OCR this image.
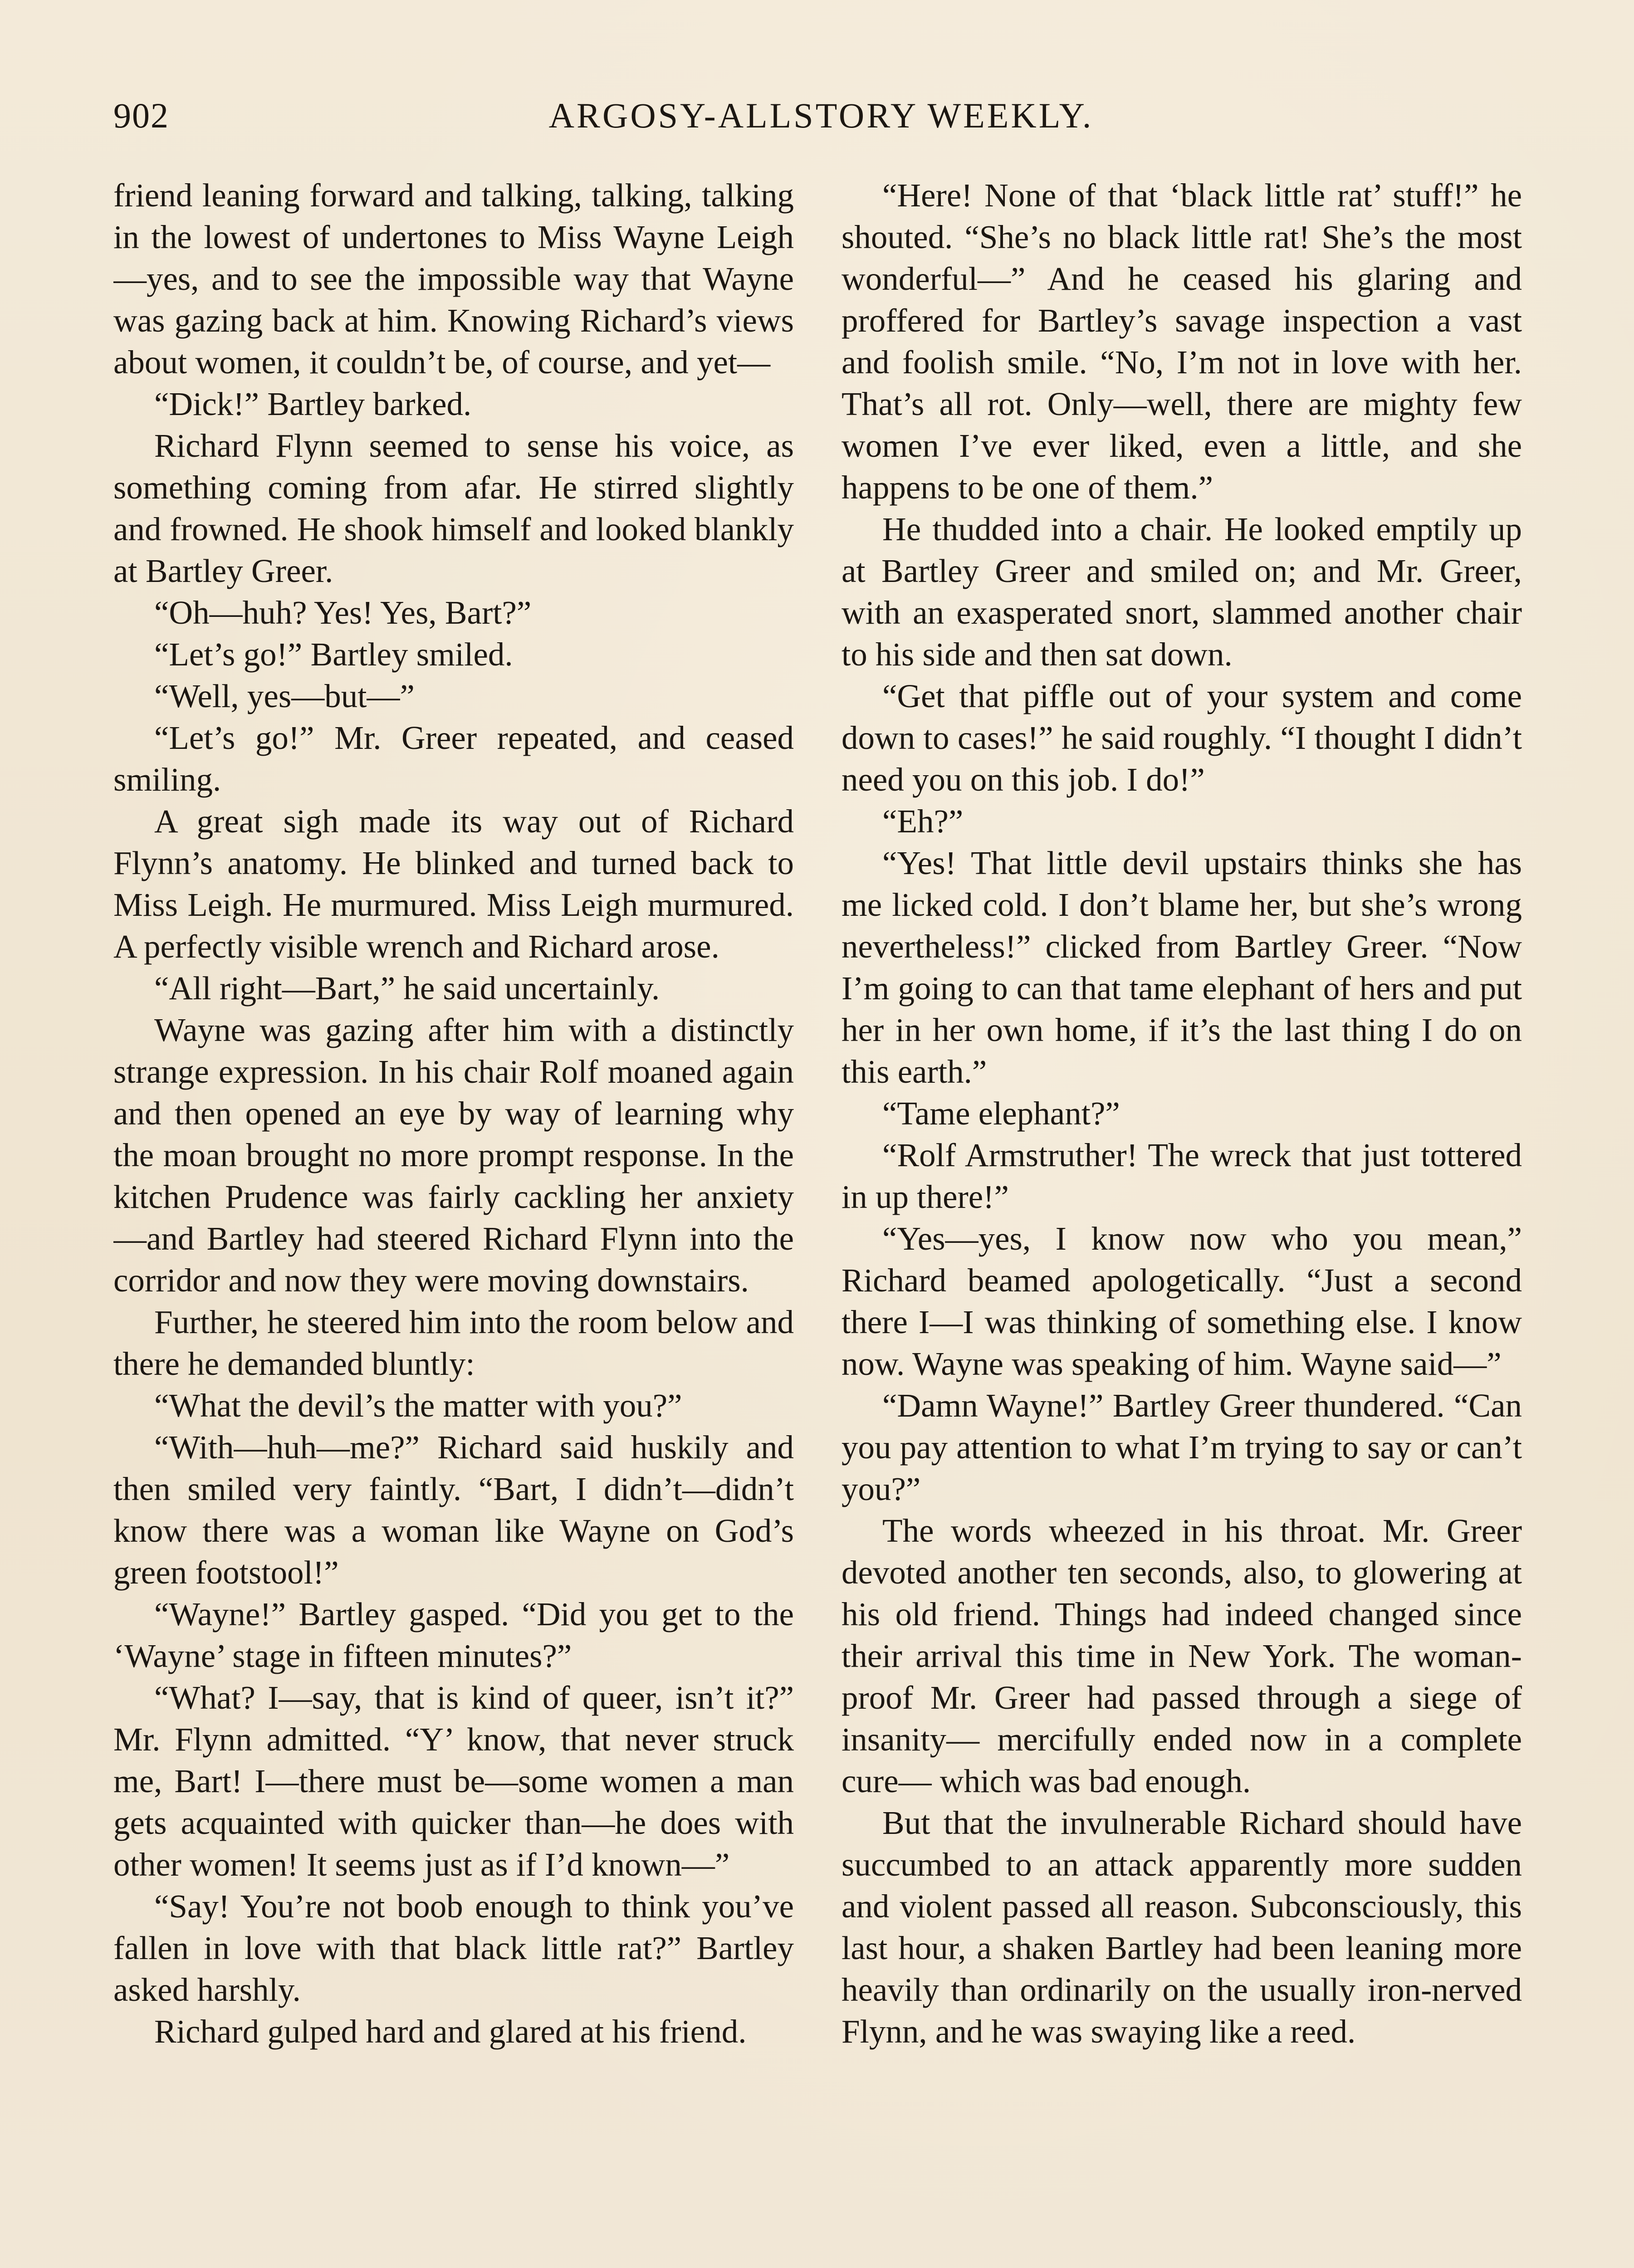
902	ARGOSY-ALLSTORY WEEKLY.

friend leaning forward and talking, talking, talking in the lowest of undertones to Miss Wayne Leigh—yes, and to see the impossible way that Wayne was gazing back at him. Knowing Richard’s views about women, it couldn’t be, of course, and yet—

“Dick!” Bartley barked.

Richard Flynn seemed to sense his voice, as something coming from afar. He stirred slightly and frowned. He shook himself and looked blankly at Bartley Greer.

“Oh—huh? Yes! Yes, Bart?”

“Let’s go!” Bartley smiled.

“Well, yes—but—”

“Let’s go!” Mr. Greer repeated, and ceased smiling.

A great sigh made its way out of Richard Flynn’s anatomy. He blinked and turned back to Miss Leigh. He murmured. Miss Leigh murmured. A perfectly visible wrench and Richard arose.

“All right—Bart,” he said uncertainly.

Wayne was gazing after him with a distinctly strange expression. In his chair Rolf moaned again and then opened an eye by way of learning why the moan brought no more prompt response. In the kitchen Prudence was fairly cackling her anxiety —and Bartley had steered Richard Flynn into the corridor and now they were moving downstairs.

Further, he steered him into the room below and there he demanded bluntly:

“What the devil’s the matter with you?”

“With—huh—me?” Richard said huskily and then smiled very faintly. “Bart, I didn’t—didn’t know there was a woman like Wayne on God’s green footstool!”

“Wayne!” Bartley gasped. “Did you get to the ‘Wayne’ stage in fifteen minutes?”

“What? I—say, that is kind of queer, isn’t it?” Mr. Flynn admitted. “Y’ know, that never struck me, Bart! I—there must be—some women a man gets acquainted with quicker than—he does with other women! It seems just as if I’d known—”

“Say! You’re not boob enough to think you’ve fallen in love with that black little rat?” Bartley asked harshly.

Richard gulped hard and glared at his friend.

“Here! None of that ‘black little rat’ stuff!” he shouted. “She’s no black little rat! She’s the most wonderful—” And he ceased his glaring and proffered for Bartley’s savage inspection a vast and foolish smile. “No, I’m not in love with her. That’s all rot. Only—well, there are mighty few women I’ve ever liked, even a little, and she happens to be one of them.”

He thudded into a chair. He looked emptily up at Bartley Greer and smiled on; and Mr. Greer, with an exasperated snort, slammed another chair to his side and then sat down.

“Get that piffle out of your system and come down to cases!” he said roughly. “I thought I didn’t need you on this job. I do!”

“Eh?”

“Yes! That little devil upstairs thinks she has me licked cold. I don’t blame her, but she’s wrong nevertheless!” clicked from Bartley Greer. “Now I’m going to can that tame elephant of hers and put her in her own home, if it’s the last thing I do on this earth.”

“Tame elephant?”

“Rolf Armstruther! The wreck that just tottered in up there!”

“Yes—yes, I know now who you mean,” Richard beamed apologetically. “Just a second there I—I was thinking of something else. I know now. Wayne was speaking of him. Wayne said—”

“Damn Wayne!” Bartley Greer thundered. “Can you pay attention to what I’m trying to say or can’t you?”

The words wheezed in his throat. Mr. Greer devoted another ten seconds, also, to glowering at his old friend. Things had indeed changed since their arrival this time in New York. The woman-proof Mr. Greer had passed through a siege of insanity— mercifully ended now in a complete cure— which was bad enough.

But that the invulnerable Richard should have succumbed to an attack apparently more sudden and violent passed all reason. Subconsciously, this last hour, a shaken Bartley had been leaning more heavily than ordinarily on the usually iron-nerved Flynn, and he was swaying like a reed.
